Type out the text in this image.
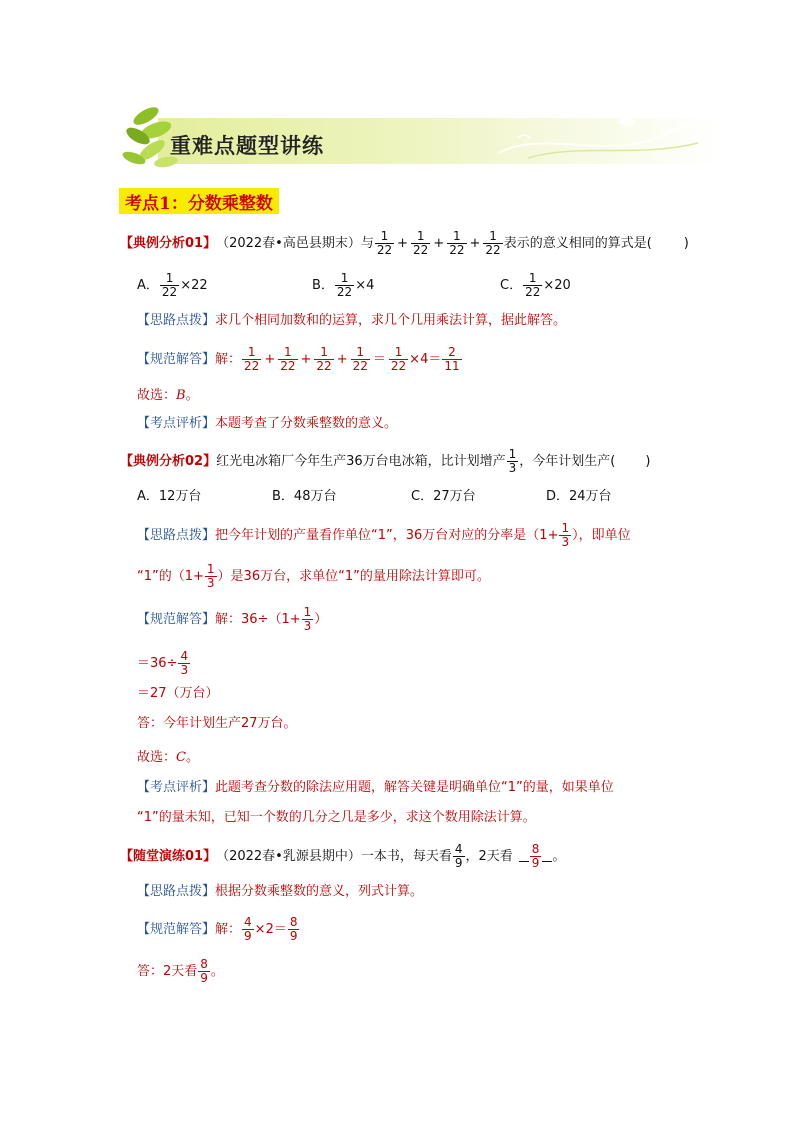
重难点题型讲练
考点1：分数乘整数
【典例分析01】 （2022春•高邑县期末）与 $\frac{1}{22} + \frac{1}{22} + \frac{1}{22} + \frac{1}{22}$ 表示的意义相同的算式是( )
A． $\frac{1}{22} \times 22$	B． $\frac{1}{22} \times 4$	C． $\frac{1}{22} \times 20$
【思路点拨】 求几个相同加数和的运算，求几个几用乘法计算，据此解答。
【规范解答】 解： $\frac{1}{22} + \frac{1}{22} + \frac{1}{22} + \frac{1}{22} = \frac{1}{22} \times 4= \frac{2}{11}$
故选： B 。
【考点评析】 本题考查了分数乘整数的意义。
【典例分析02】 红光电冰箱厂今年生产36万台电冰箱，比计划增产 $\frac{1}{3}$ ，今年计划生产( )
A．12万台	B．48万台	C．27万台	D．24万台
【思路点拨】 把今年计划的产量看作单位“1”，36万台对应的分率是（$1+ \frac{1}{3}$ ），即单位
“1”的（$1+ \frac{1}{3}$ ）是36万台，求单位“1”的量用除法计算即可。
【规范解答】 解：$36\div(1+ \frac{1}{3}$ ）
$=36\div \frac{4}{3}$
＝27（万台）
答：今年计划生产27万台。
故选： C 。
【考点评析】 此题考查分数的除法应用题，解答关键是明确单位“1”的量，如果单位
“1”的量未知，已知一个数的几分之几是多少，求这个数用除法计算。
【随堂演练01】 （2022春•乳源县期中）一本书，每天看 $\frac{4}{9}$ ，2天看 $\frac{8}{9}$ 。
【思路点拨】 根据分数乘整数的意义，列式计算。
【规范解答】 解： $\frac{4}{9} \times 2= \frac{8}{9}$
答：2天看 $\frac{8}{9}$ 。
